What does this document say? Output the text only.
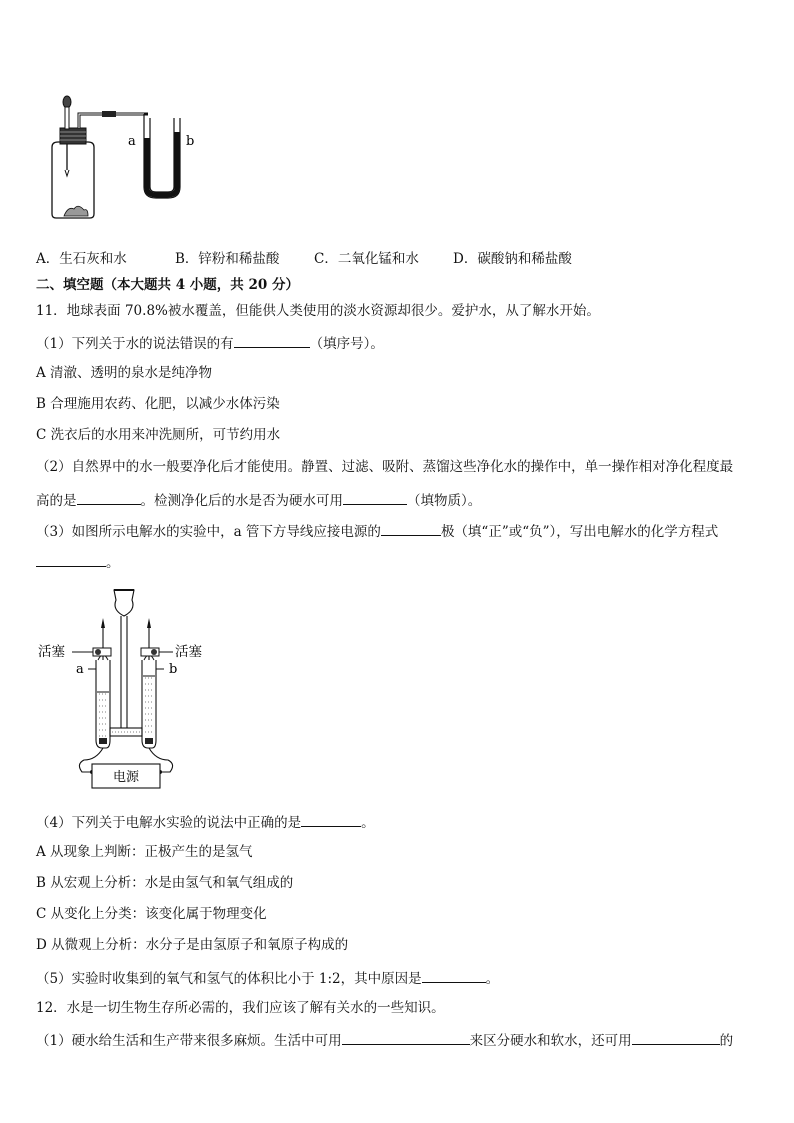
a	b
A．生石灰和水	B．锌粉和稀盐酸	C．二氧化锰和水	D．碳酸钠和稀盐酸
二、填空题（本大题共 4 小题，共 20 分）
11．地球表面 70.8%被水覆盖，但能供人类使用的淡水资源却很少。爱护水，从了解水开始。
（1）下列关于水的说法错误的有	（填序号）。
A 清澈、透明的泉水是纯净物
B 合理施用农药、化肥，以减少水体污染
C 洗衣后的水用来冲洗厕所，可节约用水
（2）自然界中的水一般要净化后才能使用。静置、过滤、吸附、蒸馏这些净化水的操作中，单一操作相对净化程度最
高的是	。检测净化后的水是否为硬水可用	（填物质）。
（3）如图所示电解水的实验中，a 管下方导线应接电源的	极（填“正”或“负”），写出电解水的化学方程式
。
电源
活塞	活塞
a	b
（4）下列关于电解水实验的说法中正确的是	。
A 从现象上判断：正极产生的是氢气
B 从宏观上分析：水是由氢气和氧气组成的
C 从变化上分类：该变化属于物理变化
D 从微观上分析：水分子是由氢原子和氧原子构成的
（5）实验时收集到的氧气和氢气的体积比小于 1:2，其中原因是	。
12．水是一切生物生存所必需的，我们应该了解有关水的一些知识。
（1）硬水给生活和生产带来很多麻烦。生活中可用	来区分硬水和软水，还可用	的
